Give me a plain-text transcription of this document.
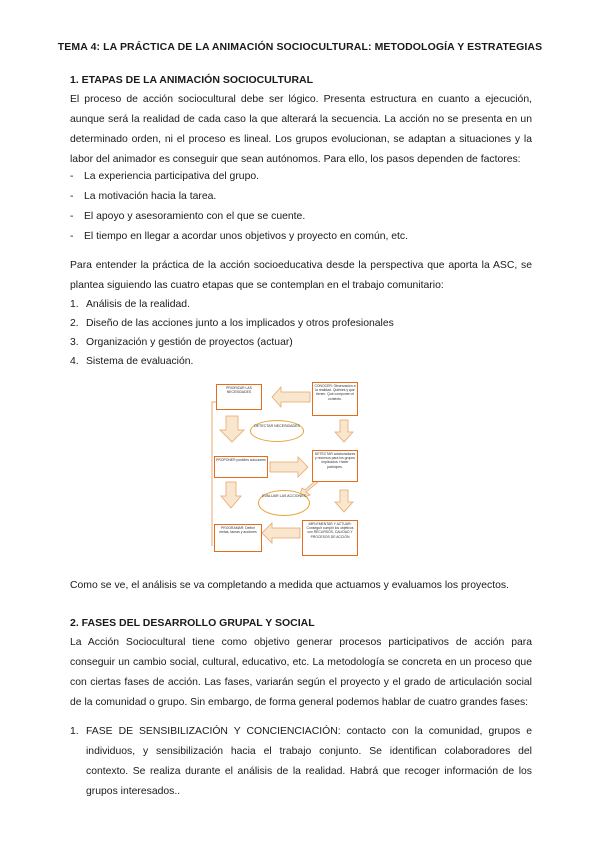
TEMA 4: LA PRÁCTICA DE LA ANIMACIÓN SOCIOCULTURAL: METODOLOGÍA Y ESTRATEGIAS
1. ETAPAS DE LA ANIMACIÓN SOCIOCULTURAL
El proceso de acción sociocultural debe ser lógico. Presenta estructura en cuanto a ejecución,
aunque será la realidad de cada caso la que alterará la secuencia. La acción no se presenta en un
determinado orden, ni el proceso es lineal. Los grupos evolucionan, se adaptan a situaciones y la
labor del animador es conseguir que sean autónomos. Para ello, los pasos dependen de factores:
- La experiencia participativa del grupo.
- La motivación hacia la tarea.
- El apoyo y asesoramiento con el que se cuente.
- El tiempo en llegar a acordar unos objetivos y proyecto en común, etc.
Para entender la práctica de la acción socioeducativa desde la perspectiva que aporta la ASC, se
plantea siguiendo las cuatro etapas que se contemplan en el trabajo comunitario:
1. Análisis de la realidad.
2. Diseño de las acciones junto a los implicados y otros profesionales
3. Organización y gestión de proyectos (actuar)
4. Sistema de evaluación.
PRIORIZAR LAS NECESIDADES
CONOCER: Observación a la realidad. Quiénes y que tienen. Qué componen el contexto.
DETECTAR NECESIDADES
PROPONER posibles soluciones
DETECTAR colaboradores y recursos para los grupos implicados. Hacer partícipes.
EVALUAR LAS ACCIONES
PROGRAMAR: Definir metas, tareas y acciones
IMPLEMENTAR Y ACTUAR: Conseguir cumplir los objetivos con RECURSOS, CALIDAD Y PROCESOS DE ACCIÓN
Como se ve, el análisis se va completando a medida que actuamos y evaluamos los proyectos.
2. FASES DEL DESARROLLO GRUPAL Y SOCIAL
La Acción Sociocultural tiene como objetivo generar procesos participativos de acción para
conseguir un cambio social, cultural, educativo, etc. La metodología se concreta en un proceso que
con ciertas fases de acción. Las fases, variarán según el proyecto y el grado de articulación social
de la comunidad o grupo. Sin embargo, de forma general podemos hablar de cuatro grandes fases:
1. FASE DE SENSIBILIZACIÓN Y CONCIENCIACIÓN: contacto con la comunidad, grupos e
individuos, y sensibilización hacia el trabajo conjunto. Se identifican colaboradores del
contexto. Se realiza durante el análisis de la realidad. Habrá que recoger información de los
grupos interesados..
